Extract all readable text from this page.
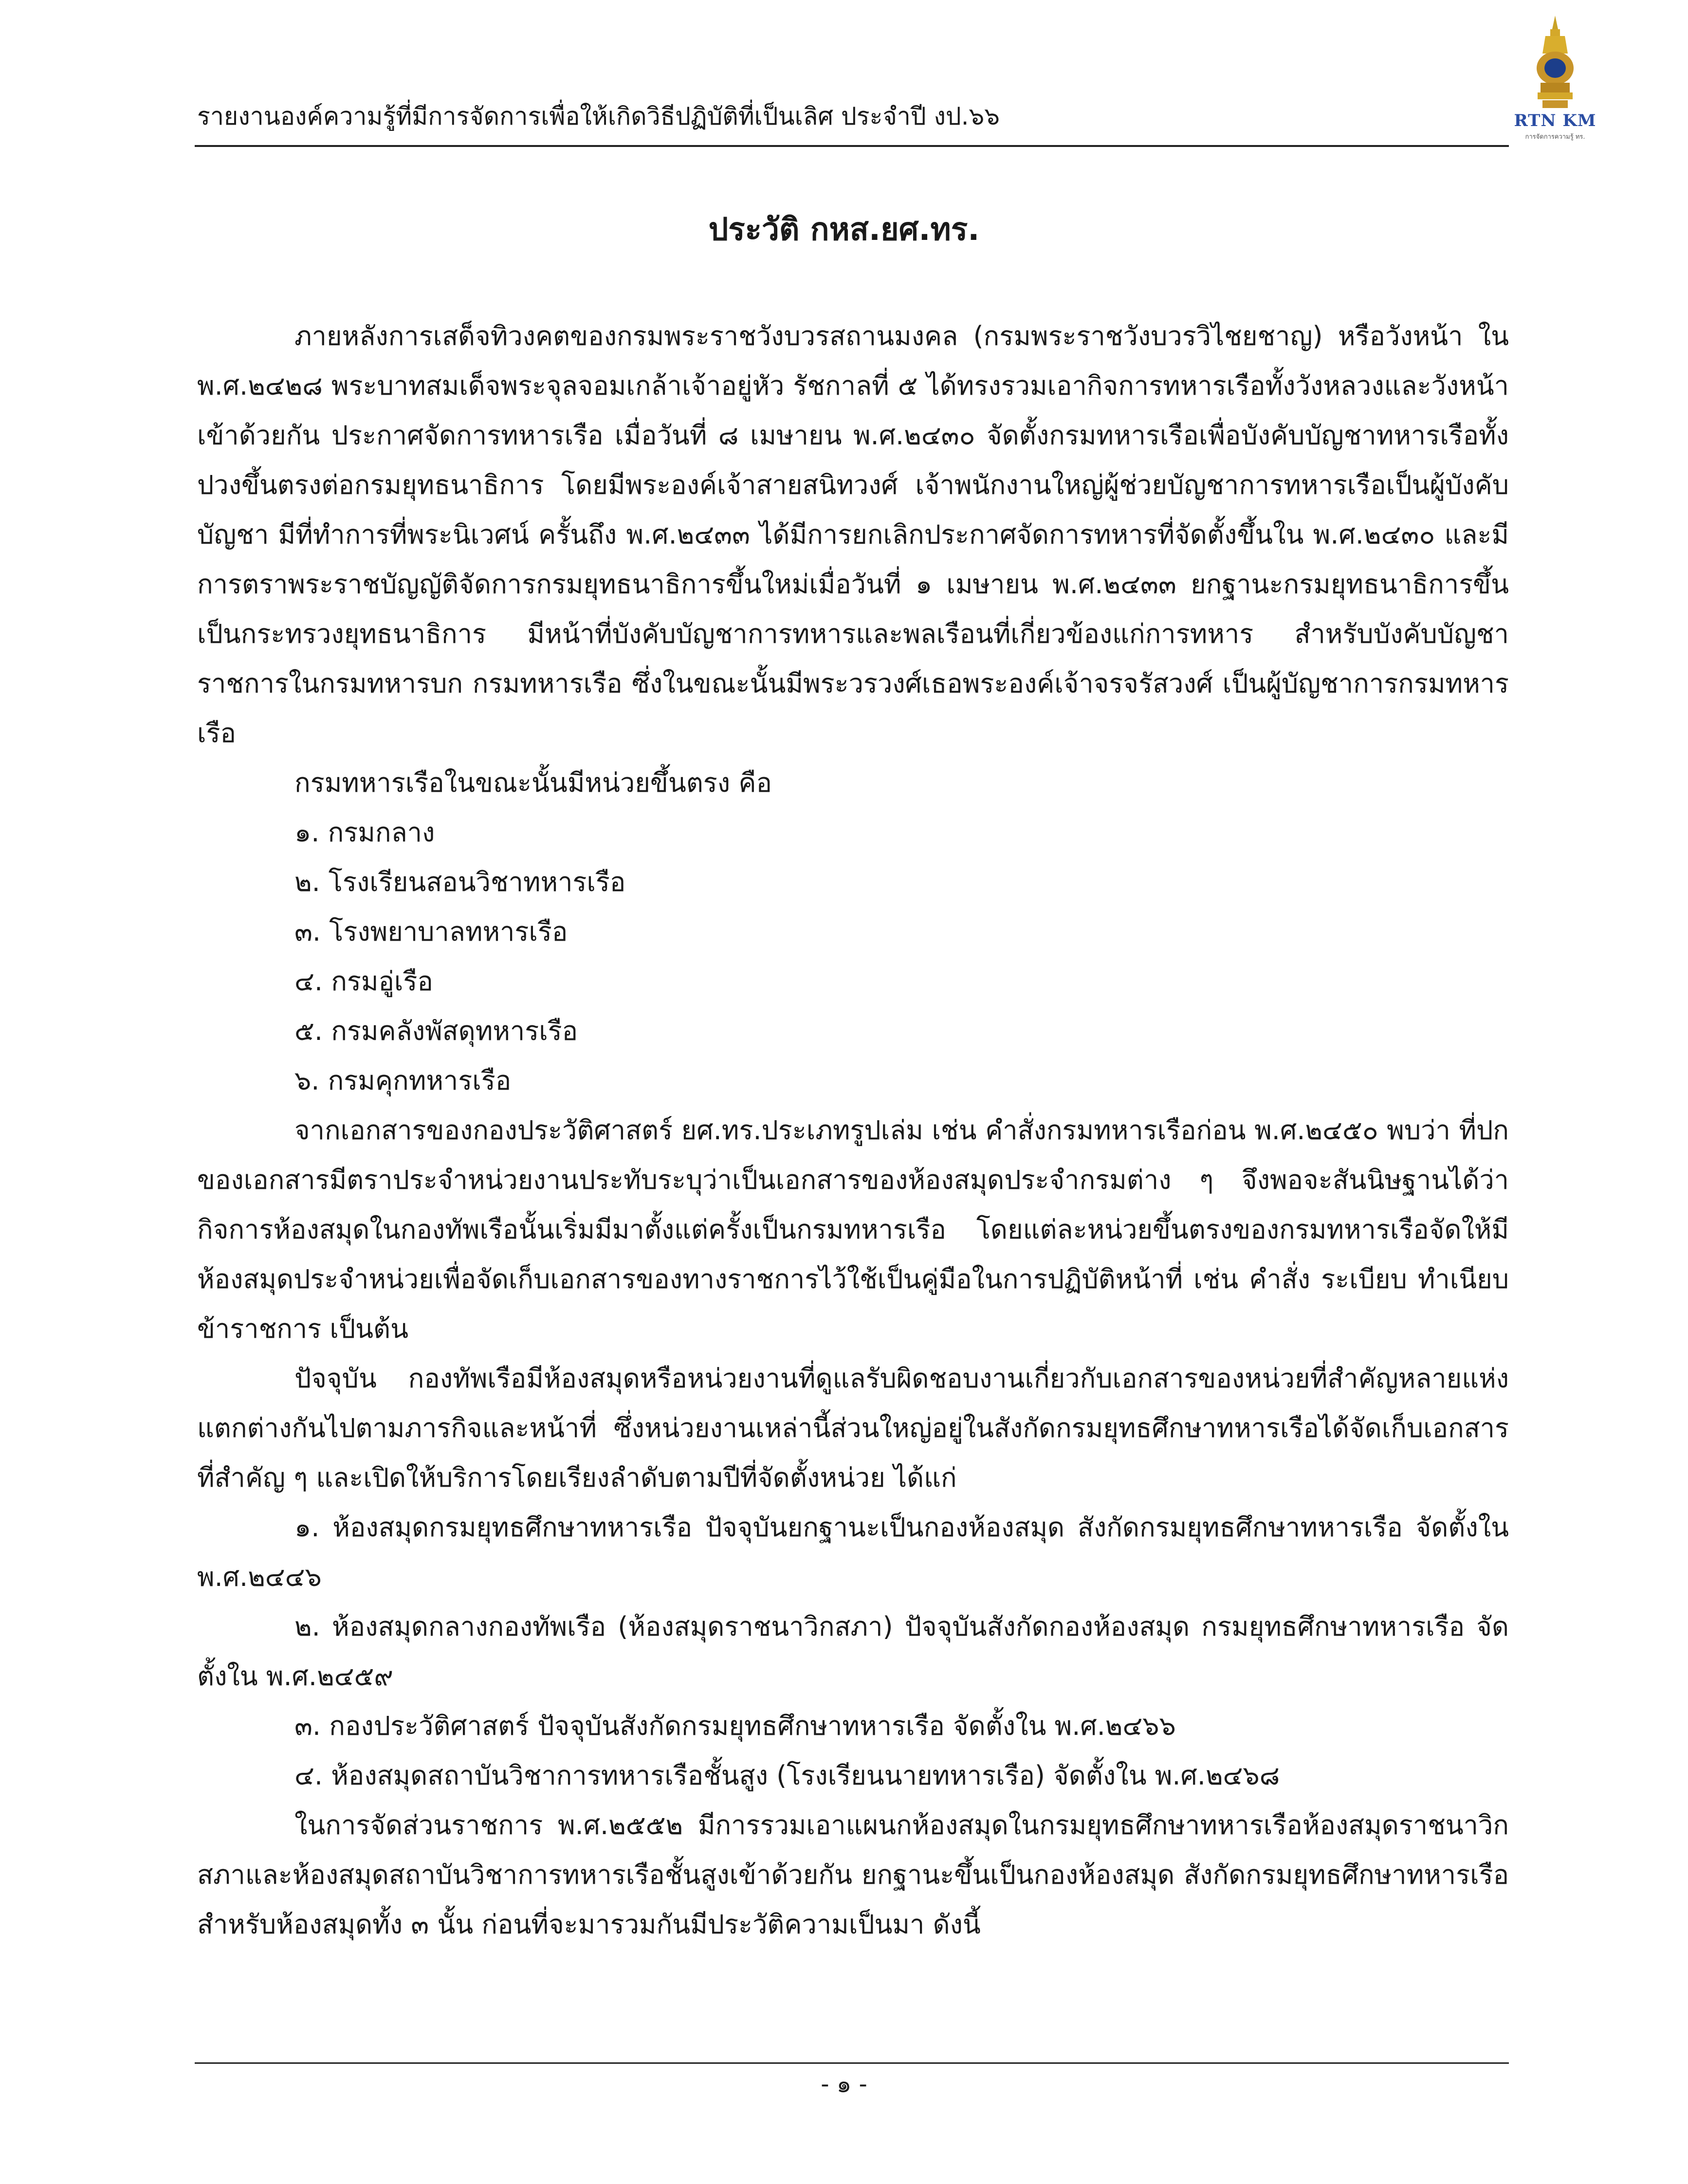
รายงานองค์ความรู้ที่มีการจัดการเพื่อให้เกิดวิธีปฏิบัติที่เป็นเลิศ ประจำปี งป.๖๖	RTN KM
การจัดการความรู้ ทร.
ประวัติ กหส.ยศ.ทร.

ภายหลังการเสด็จทิวงคตของกรมพระราชวังบวรสถานมงคล (กรมพระราชวังบวรวิไชยชาญ) หรือวังหน้า ใน พ.ศ.๒๔๒๘ พระบาทสมเด็จพระจุลจอมเกล้าเจ้าอยู่หัว รัชกาลที่ ๕ ได้ทรงรวมเอากิจการทหารเรือทั้งวังหลวงและวังหน้าเข้าด้วยกัน ประกาศจัดการทหารเรือ เมื่อวันที่ ๘ เมษายน พ.ศ.๒๔๓๐ จัดตั้งกรมทหารเรือเพื่อบังคับบัญชาทหารเรือทั้งปวงขึ้นตรงต่อกรมยุทธนาธิการ โดยมีพระองค์เจ้าสายสนิทวงศ์ เจ้าพนักงานใหญ่ผู้ช่วยบัญชาการทหารเรือเป็นผู้บังคับบัญชา มีที่ทำการที่พระนิเวศน์ ครั้นถึง พ.ศ.๒๔๓๓ ได้มีการยกเลิกประกาศจัดการทหารที่จัดตั้งขึ้นใน พ.ศ.๒๔๓๐ และมีการตราพระราชบัญญัติจัดการกรมยุทธนาธิการขึ้นใหม่เมื่อวันที่ ๑ เมษายน พ.ศ.๒๔๓๓ ยกฐานะกรมยุทธนาธิการขึ้นเป็นกระทรวงยุทธนาธิการ มีหน้าที่บังคับบัญชาการทหารและพลเรือนที่เกี่ยวข้องแก่การทหาร สำหรับบังคับบัญชาราชการในกรมทหารบก กรมทหารเรือ ซึ่งในขณะนั้นมีพระวรวงศ์เธอพระองค์เจ้าจรจรัสวงศ์ เป็นผู้บัญชาการกรมทหารเรือ

กรมทหารเรือในขณะนั้นมีหน่วยขึ้นตรง คือ

๑. กรมกลาง

๒. โรงเรียนสอนวิชาทหารเรือ

๓. โรงพยาบาลทหารเรือ

๔. กรมอู่เรือ

๕. กรมคลังพัสดุทหารเรือ

๖. กรมคุกทหารเรือ

จากเอกสารของกองประวัติศาสตร์ ยศ.ทร.ประเภทรูปเล่ม เช่น คำสั่งกรมทหารเรือก่อน พ.ศ.๒๔๕๐ พบว่า ที่ปกของเอกสารมีตราประจำหน่วยงานประทับระบุว่าเป็นเอกสารของห้องสมุดประจำกรมต่าง ๆ จึงพอจะสันนิษฐานได้ว่า กิจการห้องสมุดในกองทัพเรือนั้นเริ่มมีมาตั้งแต่ครั้งเป็นกรมทหารเรือ โดยแต่ละหน่วยขึ้นตรงของกรมทหารเรือจัดให้มีห้องสมุดประจำหน่วยเพื่อจัดเก็บเอกสารของทางราชการไว้ใช้เป็นคู่มือในการปฏิบัติหน้าที่ เช่น คำสั่ง ระเบียบ ทำเนียบข้าราชการ เป็นต้น

ปัจจุบัน กองทัพเรือมีห้องสมุดหรือหน่วยงานที่ดูแลรับผิดชอบงานเกี่ยวกับเอกสารของหน่วยที่สำคัญหลายแห่งแตกต่างกันไปตามภารกิจและหน้าที่ ซึ่งหน่วยงานเหล่านี้ส่วนใหญ่อยู่ในสังกัดกรมยุทธศึกษาทหารเรือได้จัดเก็บเอกสารที่สำคัญ ๆ และเปิดให้บริการโดยเรียงลำดับตามปีที่จัดตั้งหน่วย ได้แก่

๑. ห้องสมุดกรมยุทธศึกษาทหารเรือ ปัจจุบันยกฐานะเป็นกองห้องสมุด สังกัดกรมยุทธศึกษาทหารเรือ จัดตั้งใน พ.ศ.๒๔๔๖

๒. ห้องสมุดกลางกองทัพเรือ (ห้องสมุดราชนาวิกสภา) ปัจจุบันสังกัดกองห้องสมุด กรมยุทธศึกษาทหารเรือ จัดตั้งใน พ.ศ.๒๔๕๙

๓. กองประวัติศาสตร์ ปัจจุบันสังกัดกรมยุทธศึกษาทหารเรือ จัดตั้งใน พ.ศ.๒๔๖๖

๔. ห้องสมุดสถาบันวิชาการทหารเรือชั้นสูง (โรงเรียนนายทหารเรือ) จัดตั้งใน พ.ศ.๒๔๖๘

ในการจัดส่วนราชการ พ.ศ.๒๕๕๒ มีการรวมเอาแผนกห้องสมุดในกรมยุทธศึกษาทหารเรือห้องสมุดราชนาวิกสภาและห้องสมุดสถาบันวิชาการทหารเรือชั้นสูงเข้าด้วยกัน ยกฐานะขึ้นเป็นกองห้องสมุด สังกัดกรมยุทธศึกษาทหารเรือ สำหรับห้องสมุดทั้ง ๓ นั้น ก่อนที่จะมารวมกันมีประวัติความเป็นมา ดังนี้

- ๑ -
